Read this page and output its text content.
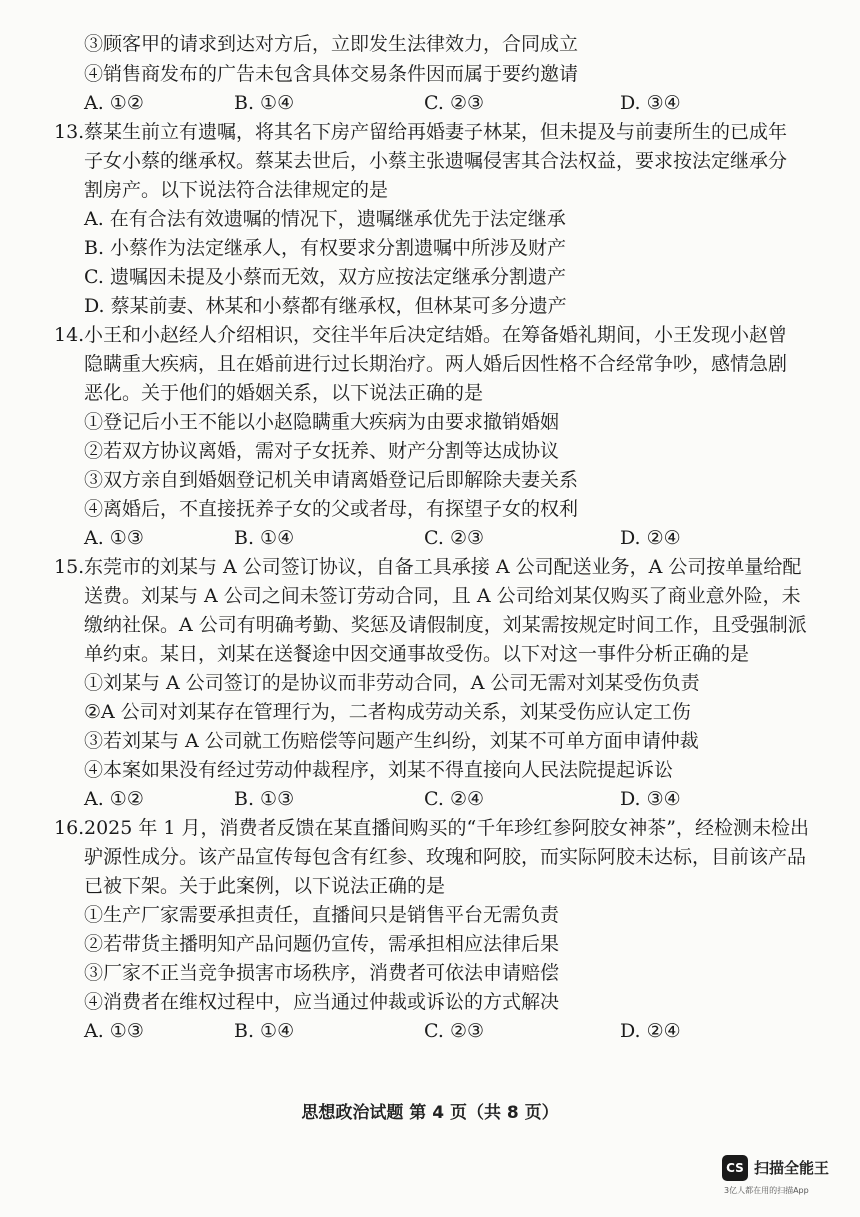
③顾客甲的请求到达对方后，立即发生法律效力，合同成立
④销售商发布的广告未包含具体交易条件因而属于要约邀请
A. ①②	B. ①④	C. ②③	D. ③④
13. 蔡某生前立有遗嘱，将其名下房产留给再婚妻子林某，但未提及与前妻所生的已成年
子女小蔡的继承权。蔡某去世后，小蔡主张遗嘱侵害其合法权益，要求按法定继承分
割房产。以下说法符合法律规定的是
A. 在有合法有效遗嘱的情况下，遗嘱继承优先于法定继承
B. 小蔡作为法定继承人，有权要求分割遗嘱中所涉及财产
C. 遗嘱因未提及小蔡而无效，双方应按法定继承分割遗产
D. 蔡某前妻、林某和小蔡都有继承权，但林某可多分遗产
14. 小王和小赵经人介绍相识，交往半年后决定结婚。在筹备婚礼期间，小王发现小赵曾
隐瞒重大疾病，且在婚前进行过长期治疗。两人婚后因性格不合经常争吵，感情急剧
恶化。关于他们的婚姻关系，以下说法正确的是
①登记后小王不能以小赵隐瞒重大疾病为由要求撤销婚姻
②若双方协议离婚，需对子女抚养、财产分割等达成协议
③双方亲自到婚姻登记机关申请离婚登记后即解除夫妻关系
④离婚后，不直接抚养子女的父或者母，有探望子女的权利
A. ①③	B. ①④	C. ②③	D. ②④
15. 东莞市的刘某与 A 公司签订协议，自备工具承接 A 公司配送业务，A 公司按单量给配
送费。刘某与 A 公司之间未签订劳动合同，且 A 公司给刘某仅购买了商业意外险，未
缴纳社保。A 公司有明确考勤、奖惩及请假制度，刘某需按规定时间工作，且受强制派
单约束。某日，刘某在送餐途中因交通事故受伤。以下对这一事件分析正确的是
①刘某与 A 公司签订的是协议而非劳动合同，A 公司无需对刘某受伤负责
②A 公司对刘某存在管理行为，二者构成劳动关系，刘某受伤应认定工伤
③若刘某与 A 公司就工伤赔偿等问题产生纠纷，刘某不可单方面申请仲裁
④本案如果没有经过劳动仲裁程序，刘某不得直接向人民法院提起诉讼
A. ①②	B. ①③	C. ②④	D. ③④
16. 2025 年 1 月，消费者反馈在某直播间购买的“千年珍红参阿胶女神茶”，经检测未检出
驴源性成分。该产品宣传每包含有红参、玫瑰和阿胶，而实际阿胶未达标，目前该产品
已被下架。关于此案例，以下说法正确的是
①生产厂家需要承担责任，直播间只是销售平台无需负责
②若带货主播明知产品问题仍宣传，需承担相应法律后果
③厂家不正当竞争损害市场秩序，消费者可依法申请赔偿
④消费者在维权过程中，应当通过仲裁或诉讼的方式解决
A. ①③	B. ①④	C. ②③	D. ②④
思想政治试题 第 4 页（共 8 页）
CS 扫描全能王
3亿人都在用的扫描App
